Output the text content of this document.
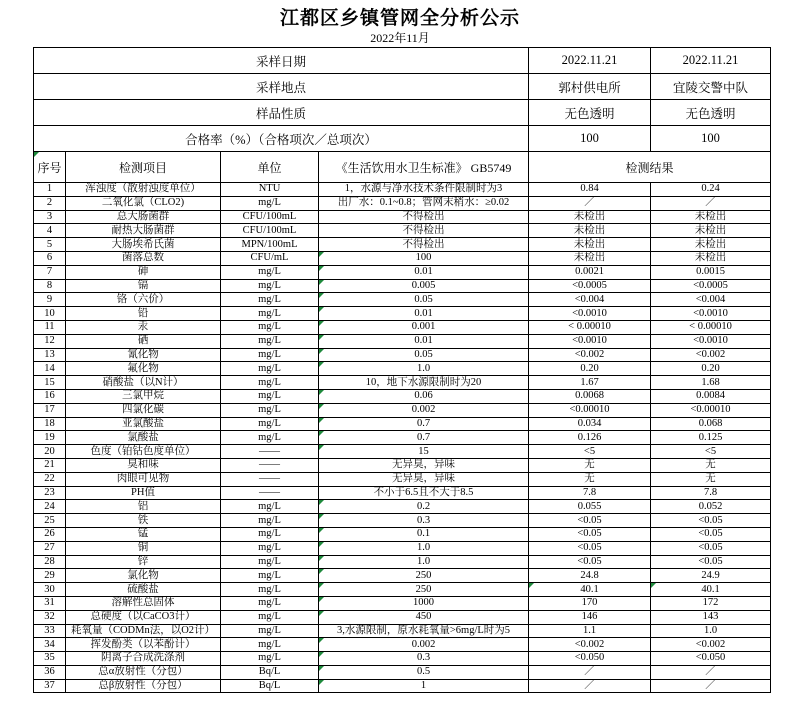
江都区乡镇管网全分析公示
2022年11月
采样日期				2022.11.21	2022.11.21
采样地点				郭村供电所	宜陵交警中队
样品性质				无色透明	无色透明
合格率（%）（合格项次／总项次）				100	100

序号	检测项目	单位	《生活饮用水卫生标准》 GB5749	检测结果	
1	浑浊度（散射浊度单位）	NTU	1，水源与净水技术条件限制时为3	0.84	0.24
2	二氧化氯（CLO2)	mg/L	出厂水：0.1~0.8；管网末稍水：≥0.02	／	／
3	总大肠菌群	CFU/100mL	不得检出	未检出	未检出
4	耐热大肠菌群	CFU/100mL	不得检出	未检出	未检出
5	大肠埃希氏菌	MPN/100mL	不得检出	未检出	未检出
6	菌落总数	CFU/mL	100	未检出	未检出
7	砷	mg/L	0.01	0.0021	0.0015
8	镉	mg/L	0.005	<0.0005	<0.0005
9	铬（六价）	mg/L	0.05	<0.004	<0.004
10	铅	mg/L	0.01	<0.0010	<0.0010
11	汞	mg/L	0.001	< 0.00010	< 0.00010
12	硒	mg/L	0.01	<0.0010	<0.0010
13	氰化物	mg/L	0.05	<0.002	<0.002
14	氟化物	mg/L	1.0	0.20	0.20
15	硝酸盐（以N计）	mg/L	10，地下水源限制时为20	1.67	1.68
16	三氯甲烷	mg/L	0.06	0.0068	0.0084
17	四氯化碳	mg/L	0.002	<0.00010	<0.00010
18	亚氯酸盐	mg/L	0.7	0.034	0.068
19	氯酸盐	mg/L	0.7	0.126	0.125
20	色度（铂钴色度单位）	——	15	<5	<5
21	臭和味	——	无异臭，异味	无	无
22	肉眼可见物	——	无异臭，异味	无	无
23	PH值	——	不小于6.5且不大于8.5	7.8	7.8
24	铝	mg/L	0.2	0.055	0.052
25	铁	mg/L	0.3	<0.05	<0.05
26	锰	mg/L	0.1	<0.05	<0.05
27	铜	mg/L	1.0	<0.05	<0.05
28	锌	mg/L	1.0	<0.05	<0.05
29	氯化物	mg/L	250	24.8	24.9
30	硫酸盐	mg/L	250	40.1	40.1
31	溶解性总固体	mg/L	1000	170	172
32	总硬度（以CaCO3计）	mg/L	450	146	143
33	耗氧量（CODMn法，以O2计）	mg/L	3,水源限制，原水耗氧量>6mg/L时为5	1.1	1.0
34	挥发酚类（以苯酚计）	mg/L	0.002	<0.002	<0.002
35	阴离子合成洗涤剂	mg/L	0.3	<0.050	<0.050
36	总α放射性（分包）	Bq/L	0.5	／	／
37	总β放射性（分包）	Bq/L	1	／	／
